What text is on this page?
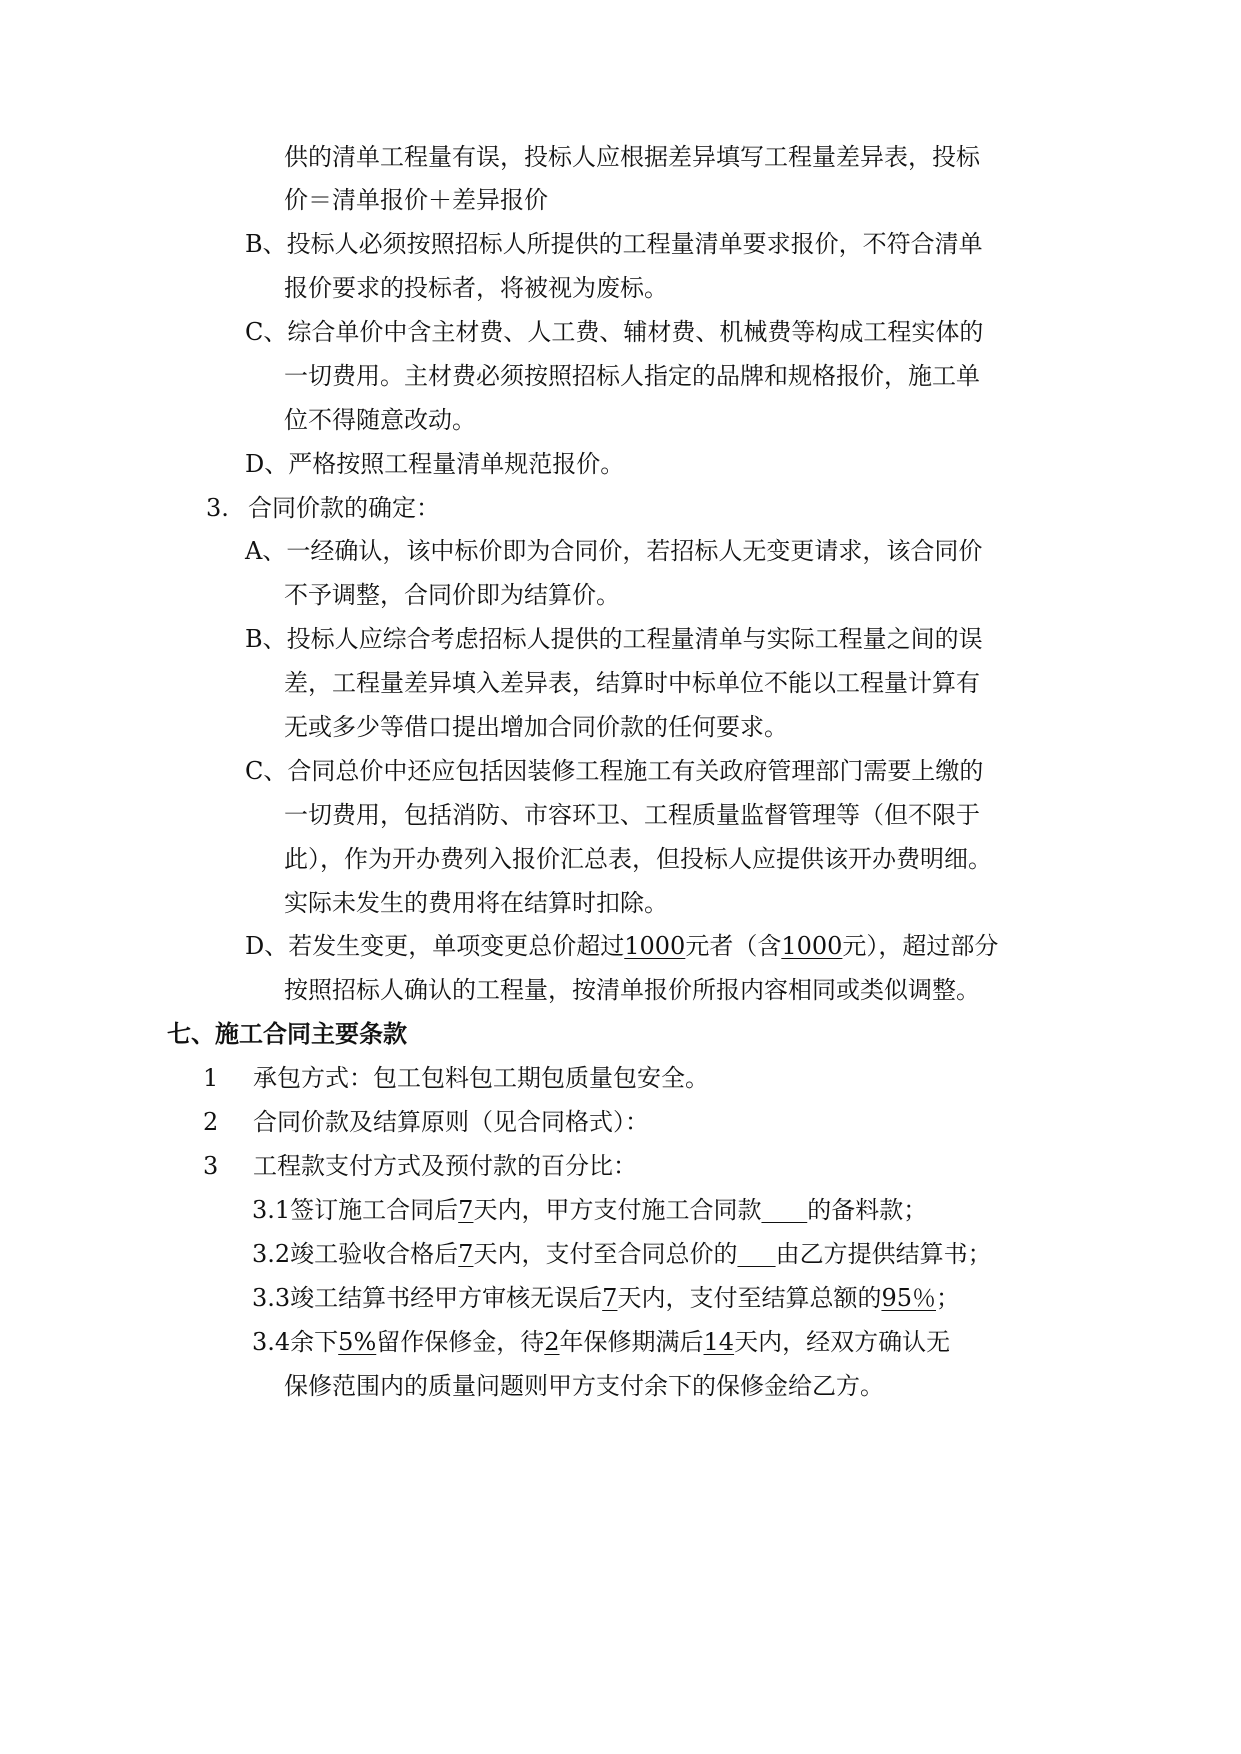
供的清单工程量有误，投标人应根据差异填写工程量差异表，投标
价＝清单报价＋差异报价
B、投标人必须按照招标人所提供的工程量清单要求报价，不符合清单
报价要求的投标者，将被视为废标。
C、综合单价中含主材费、人工费、辅材费、机械费等构成工程实体的
一切费用。主材费必须按照招标人指定的品牌和规格报价，施工单
位不得随意改动。
D、严格按照工程量清单规范报价。
3. 合同价款的确定：
A、一经确认，该中标价即为合同价，若招标人无变更请求，该合同价
不予调整，合同价即为结算价。
B、投标人应综合考虑招标人提供的工程量清单与实际工程量之间的误
差，工程量差异填入差异表，结算时中标单位不能以工程量计算有
无或多少等借口提出增加合同价款的任何要求。
C、合同总价中还应包括因装修工程施工有关政府管理部门需要上缴的
一切费用，包括消防、市容环卫、工程质量监督管理等（但不限于
此），作为开办费列入报价汇总表，但投标人应提供该开办费明细。
实际未发生的费用将在结算时扣除。
D、若发生变更，单项变更总价超过1000元者（含1000元），超过部分
按照招标人确认的工程量，按清单报价所报内容相同或类似调整。
七、施工合同主要条款
1 承包方式：包工包料包工期包质量包安全。
2 合同价款及结算原则（见合同格式）：
3 工程款支付方式及预付款的百分比：
3.1签订施工合同后7天内，甲方支付施工合同款 的备料款；
3.2竣工验收合格后7天内，支付至合同总价的 由乙方提供结算书；
3.3竣工结算书经甲方审核无误后7天内，支付至结算总额的95％；
3.4余下5%留作保修金，待2年保修期满后14天内，经双方确认无
保修范围内的质量问题则甲方支付余下的保修金给乙方。
